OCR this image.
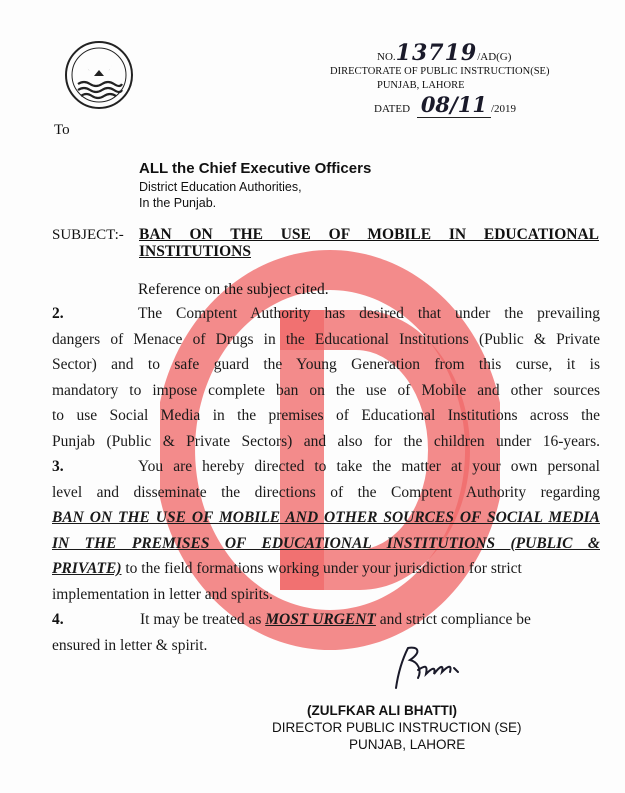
NO.13719/AD(G)
DIRECTORATE OF PUBLIC INSTRUCTION(SE)
PUNJAB, LAHORE
DATED 08/11 /2019
To
ALL the Chief Executive Officers
District Education Authorities,
In the Punjab.
SUBJECT:- BAN ON THE USE OF MOBILE IN EDUCATIONAL
INSTITUTIONS
Reference on the subject cited.
2.	The Comptent Authority has desired that under the prevailing
dangers of Menace of Drugs in the Educational Institutions (Public & Private
Sector) and to safe guard the Young Generation from this curse, it is
mandatory to impose complete ban on the use of Mobile and other sources
to use Social Media in the premises of Educational Institutions across the
Punjab (Public & Private Sectors) and also for the children under 16-years.
3.	You are hereby directed to take the matter at your own personal
level and disseminate the directions of the Comptent Authority regarding
BAN ON THE USE OF MOBILE AND OTHER SOURCES OF SOCIAL MEDIA
IN THE PREMISES OF EDUCATIONAL INSTITUTIONS (PUBLIC &
PRIVATE) to the field formations working under your jurisdiction for strict
implementation in letter and spirits.
4.	It may be treated as MOST URGENT and strict compliance be
ensured in letter & spirit.
(ZULFKAR ALI BHATTI)
DIRECTOR PUBLIC INSTRUCTION (SE)
PUNJAB, LAHORE
